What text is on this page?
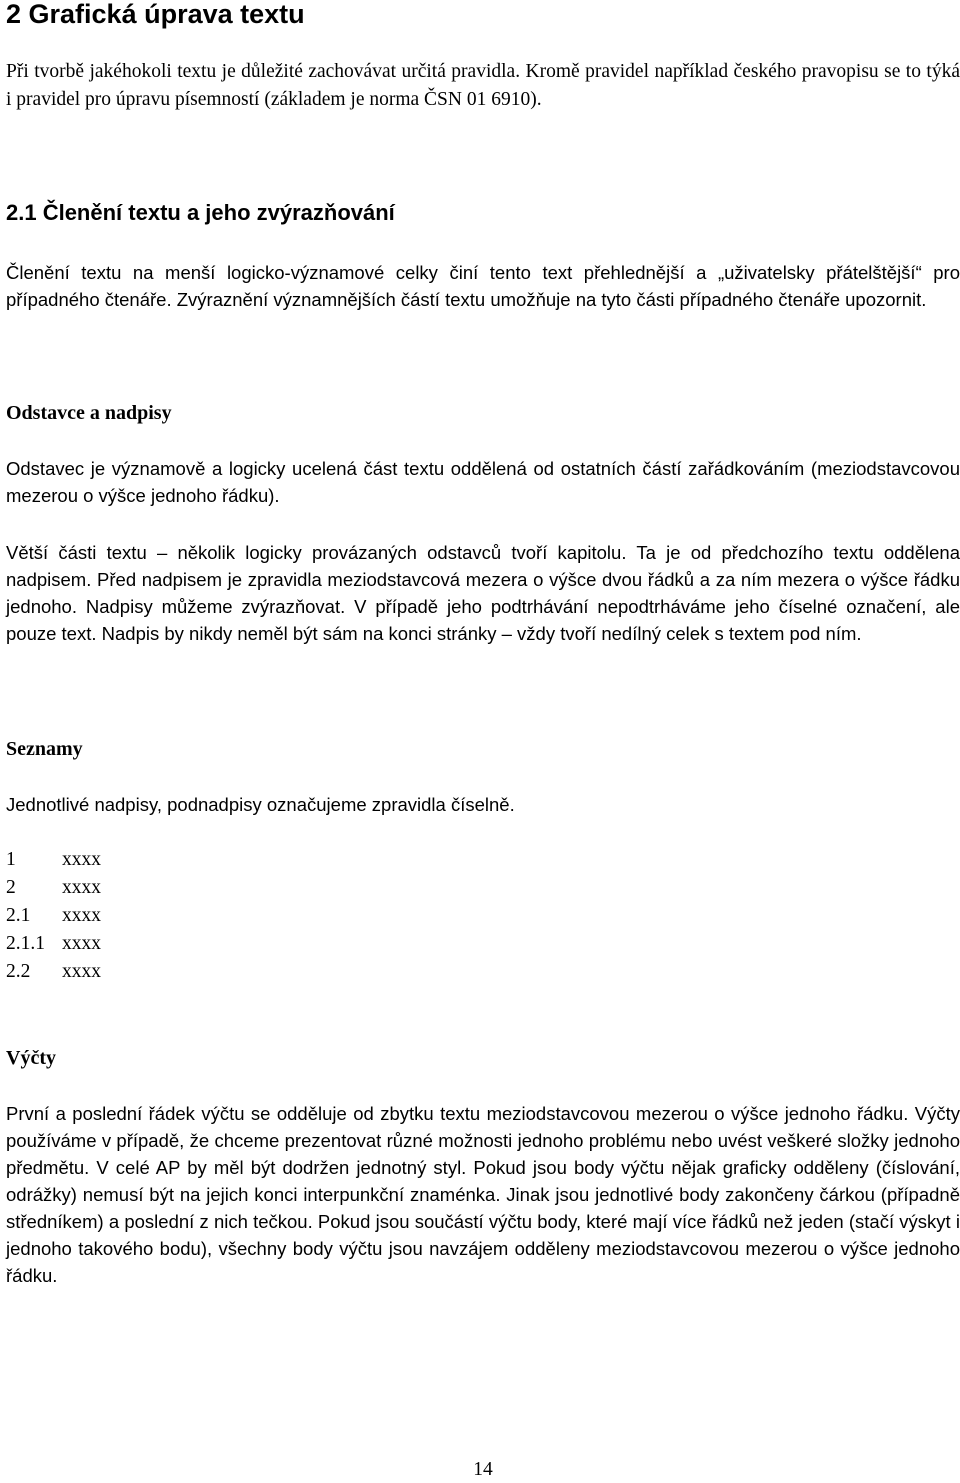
2 Grafická úprava textu

Při tvorbě jakéhokoli textu je důležité zachovávat určitá pravidla. Kromě pravidel například českého pravopisu se to týká i pravidel pro úpravu písemností (základem je norma ČSN 01 6910).

2.1 Členění textu a jeho zvýrazňování

Členění textu na menší logicko-významové celky činí tento text přehlednější a „uživatelsky přátelštější“ pro případného čtenáře. Zvýraznění významnějších částí textu umožňuje na tyto části případného čtenáře upozornit.

Odstavce a nadpisy

Odstavec je významově a logicky ucelená část textu oddělená od ostatních částí zařádkováním (meziodstavcovou mezerou o výšce jednoho řádku).

Větší části textu – několik logicky provázaných odstavců tvoří kapitolu. Ta je od předchozího textu oddělena nadpisem. Před nadpisem je zpravidla meziodstavcová mezera o výšce dvou řádků a za ním mezera o výšce řádku jednoho. Nadpisy můžeme zvýrazňovat. V případě jeho podtrhávání nepodtrháváme jeho číselné označení, ale pouze text. Nadpis by nikdy neměl být sám na konci stránky – vždy tvoří nedílný celek s textem pod ním.

Seznamy

Jednotlivé nadpisy, podnadpisy označujeme zpravidla číselně.

1 xxxx
2 xxxx
2.1 xxxx
2.1.1 xxxx
2.2 xxxx
Výčty

První a poslední řádek výčtu se odděluje od zbytku textu meziodstavcovou mezerou o výšce jednoho řádku. Výčty používáme v případě, že chceme prezentovat různé možnosti jednoho problému nebo uvést veškeré složky jednoho předmětu. V celé AP by měl být dodržen jednotný styl. Pokud jsou body výčtu nějak graficky odděleny (číslování, odrážky) nemusí být na jejich konci interpunkční znaménka. Jinak jsou jednotlivé body zakončeny čárkou (případně středníkem) a poslední z nich tečkou. Pokud jsou součástí výčtu body, které mají více řádků než jeden (stačí výskyt i jednoho takového bodu), všechny body výčtu jsou navzájem odděleny meziodstavcovou mezerou o výšce jednoho řádku.

14
